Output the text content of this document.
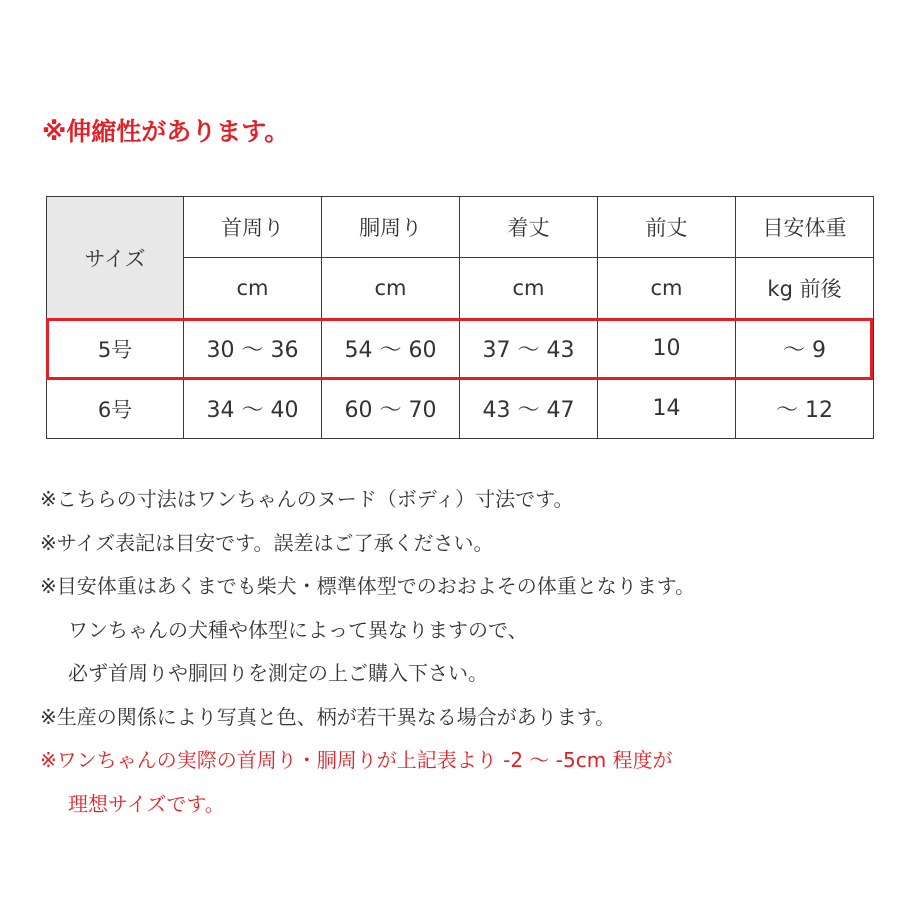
※伸縮性があります。
サイズ	首周り	胴周り	着丈	前丈	目安体重
	cm	cm	cm	cm	kg 前後
5号	30 ～ 36	54 ～ 60	37 ～ 43	10	～ 9
6号	34 ～ 40	60 ～ 70	43 ～ 47	14	～ 12
※こちらの寸法はワンちゃんのヌード（ボディ）寸法です。
※サイズ表記は目安です。誤差はご了承ください。
※目安体重はあくまでも柴犬・標準体型でのおおよその体重となります。
ワンちゃんの犬種や体型によって異なりますので、
必ず首周りや胴回りを測定の上ご購入下さい。
※生産の関係により写真と色、柄が若干異なる場合があります。
※ワンちゃんの実際の首周り・胴周りが上記表より -2 ～ -5cm 程度が
理想サイズです。
